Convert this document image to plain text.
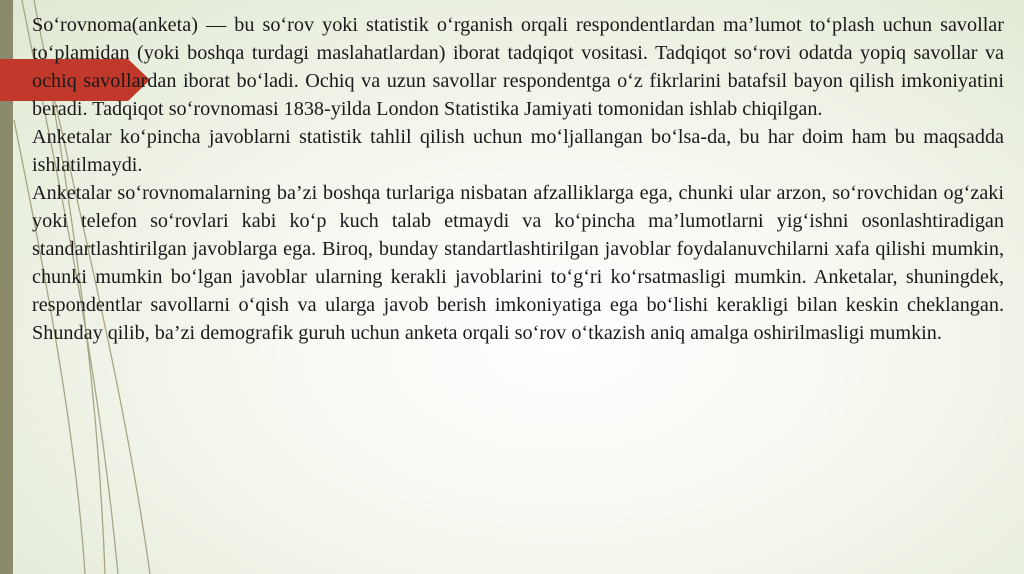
So‘rovnoma(anketa) — bu so‘rov yoki statistik o‘rganish orqali respondentlardan ma’lumot to‘plash uchun savollar to‘plamidan (yoki boshqa turdagi maslahatlardan) iborat tadqiqot vositasi. Tadqiqot so‘rovi odatda yopiq savollar va ochiq savollardan iborat bo‘ladi. Ochiq va uzun savollar respondentga o‘z fikrlarini batafsil bayon qilish imkoniyatini beradi. Tadqiqot so‘rovnomasi 1838-yilda London Statistika Jamiyati tomonidan ishlab chiqilgan.

Anketalar ko‘pincha javoblarni statistik tahlil qilish uchun mo‘ljallangan bo‘lsa-da, bu har doim ham bu maqsadda ishlatilmaydi.

Anketalar so‘rovnomalarning ba’zi boshqa turlariga nisbatan afzalliklarga ega, chunki ular arzon, so‘rovchidan og‘zaki yoki telefon so‘rovlari kabi ko‘p kuch talab etmaydi va ko‘pincha ma’lumotlarni yig‘ishni osonlashtiradigan standartlashtirilgan javoblarga ega. Biroq, bunday standartlashtirilgan javoblar foydalanuvchilarni xafa qilishi mumkin, chunki mumkin bo‘lgan javoblar ularning kerakli javoblarini to‘g‘ri ko‘rsatmasligi mumkin. Anketalar, shuningdek, respondentlar savollarni o‘qish va ularga javob berish imkoniyatiga ega bo‘lishi kerakligi bilan keskin cheklangan. Shunday qilib, ba’zi demografik guruh uchun anketa orqali so‘rov o‘tkazish aniq amalga oshirilmasligi mumkin.
